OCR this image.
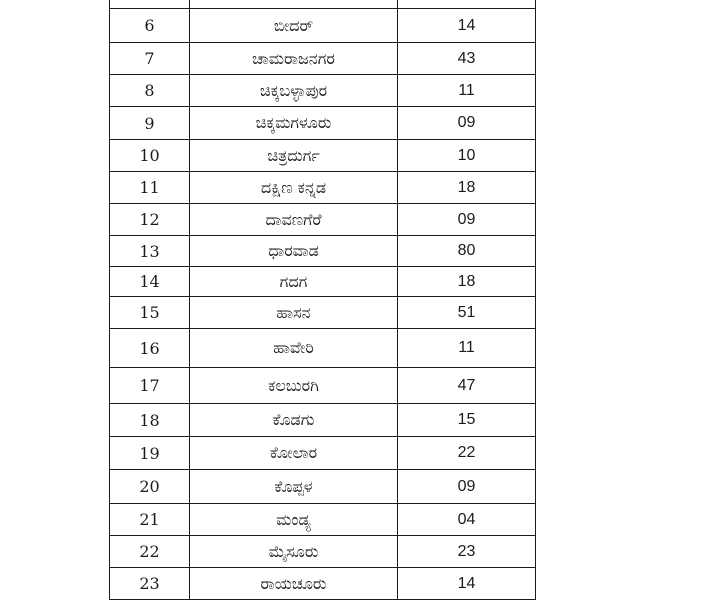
6	ಬೀದರ್	14
7	ಚಾಮರಾಜನಗರ	43
8	ಚಿಕ್ಕಬಳ್ಳಾಪುರ	11
9	ಚಿಕ್ಕಮಗಳೂರು	09
10	ಚಿತ್ರದುರ್ಗ	10
11	ದಕ್ಷಿಣ ಕನ್ನಡ	18
12	ದಾವಣಗೆರೆ	09
13	ಧಾರವಾಡ	80
14	ಗದಗ	18
15	ಹಾಸನ	51
16	ಹಾವೇರಿ	11
17	ಕಲಬುರಗಿ	47
18	ಕೊಡಗು	15
19	ಕೋಲಾರ	22
20	ಕೊಪ್ಪಳ	09
21	ಮಂಡ್ಯ	04
22	ಮೈಸೂರು	23
23	ರಾಯಚೂರು	14
